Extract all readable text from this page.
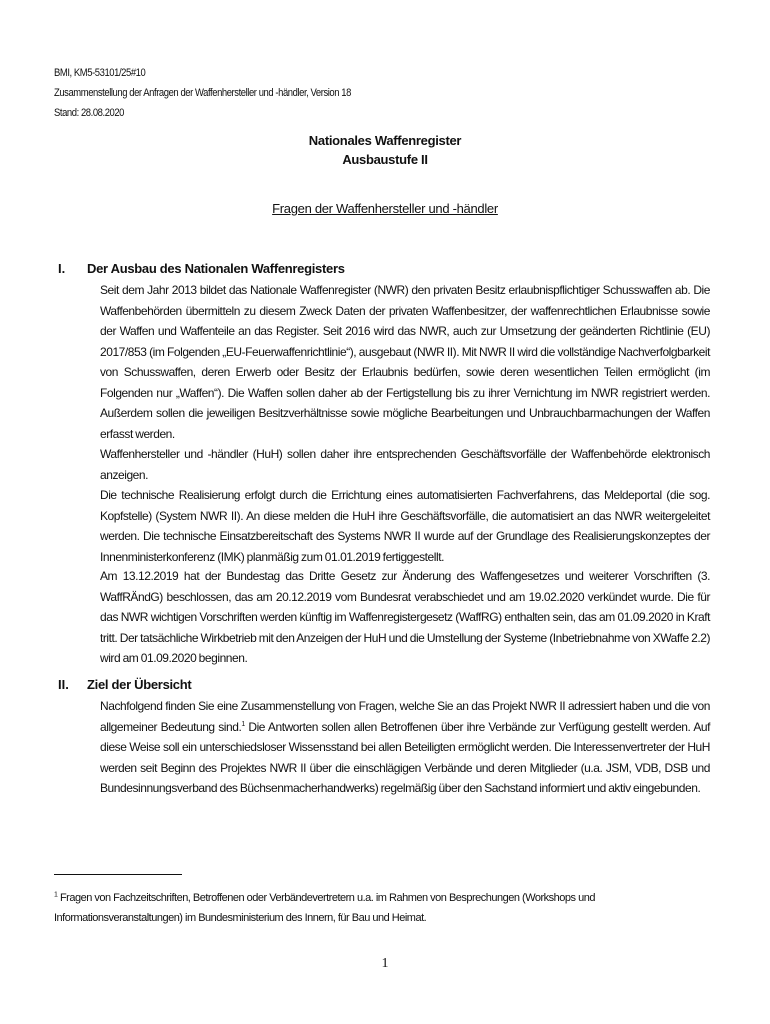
BMI, KM5-53101/25#10
Zusammenstellung der Anfragen der Waffenhersteller und -händler, Version 18
Stand: 28.08.2020
Nationales Waffenregister
Ausbaustufe II
Fragen der Waffenhersteller und -händler
I. Der Ausbau des Nationalen Waffenregisters

Seit dem Jahr 2013 bildet das Nationale Waffenregister (NWR) den privaten Besitz erlaubnispflichtiger Schusswaffen ab. Die Waffenbehörden übermitteln zu diesem Zweck Daten der privaten Waffenbesitzer, der waffenrechtlichen Erlaubnisse sowie der Waffen und Waffenteile an das Register. Seit 2016 wird das NWR, auch zur Umsetzung der geänderten Richtlinie (EU) 2017/853 (im Folgenden „EU-Feuerwaffenrichtlinie“), ausgebaut (NWR II). Mit NWR II wird die vollständige Nachverfolgbarkeit von Schusswaffen, deren Erwerb oder Besitz der Erlaubnis bedürfen, sowie deren wesentlichen Teilen ermöglicht (im Folgenden nur „Waffen“). Die Waffen sollen daher ab der Fertigstellung bis zu ihrer Vernichtung im NWR registriert werden. Außerdem sollen die jeweiligen Besitzverhältnisse sowie mögliche Bearbeitungen und Unbrauchbarmachungen der Waffen erfasst werden.

Waffenhersteller und -händler (HuH) sollen daher ihre entsprechenden Geschäftsvorfälle der Waffenbehörde elektronisch anzeigen.

Die technische Realisierung erfolgt durch die Errichtung eines automatisierten Fachverfahrens, das Meldeportal (die sog. Kopfstelle) (System NWR II). An diese melden die HuH ihre Geschäftsvorfälle, die automatisiert an das NWR weitergeleitet werden. Die technische Einsatzbereitschaft des Systems NWR II wurde auf der Grundlage des Realisierungskonzeptes der Innenministerkonferenz (IMK) planmäßig zum 01.01.2019 fertiggestellt.

Am 13.12.2019 hat der Bundestag das Dritte Gesetz zur Änderung des Waffengesetzes und weiterer Vorschriften (3. WaffRÄndG) beschlossen, das am 20.12.2019 vom Bundesrat verabschiedet und am 19.02.2020 verkündet wurde. Die für das NWR wichtigen Vorschriften werden künftig im Waffenregistergesetz (WaffRG) enthalten sein, das am 01.09.2020 in Kraft tritt. Der tatsächliche Wirkbetrieb mit den Anzeigen der HuH und die Umstellung der Systeme (Inbetriebnahme von XWaffe 2.2) wird am 01.09.2020 beginnen.

II. Ziel der Übersicht

Nachfolgend finden Sie eine Zusammenstellung von Fragen, welche Sie an das Projekt NWR II adressiert haben und die von allgemeiner Bedeutung sind.$^1$ Die Antworten sollen allen Betroffenen über ihre Verbände zur Verfügung gestellt werden. Auf diese Weise soll ein unterschiedsloser Wissensstand bei allen Beteiligten ermöglicht werden. Die Interessenvertreter der HuH werden seit Beginn des Projektes NWR II über die einschlägigen Verbände und deren Mitglieder (u.a. JSM, VDB, DSB und Bundesinnungsverband des Büchsenmacherhandwerks) regelmäßig über den Sachstand informiert und aktiv eingebunden.

$^1$ Fragen von Fachzeitschriften, Betroffenen oder Verbändevertretern u.a. im Rahmen von Besprechungen (Workshops und Informationsveranstaltungen) im Bundesministerium des Innern, für Bau und Heimat.
1
